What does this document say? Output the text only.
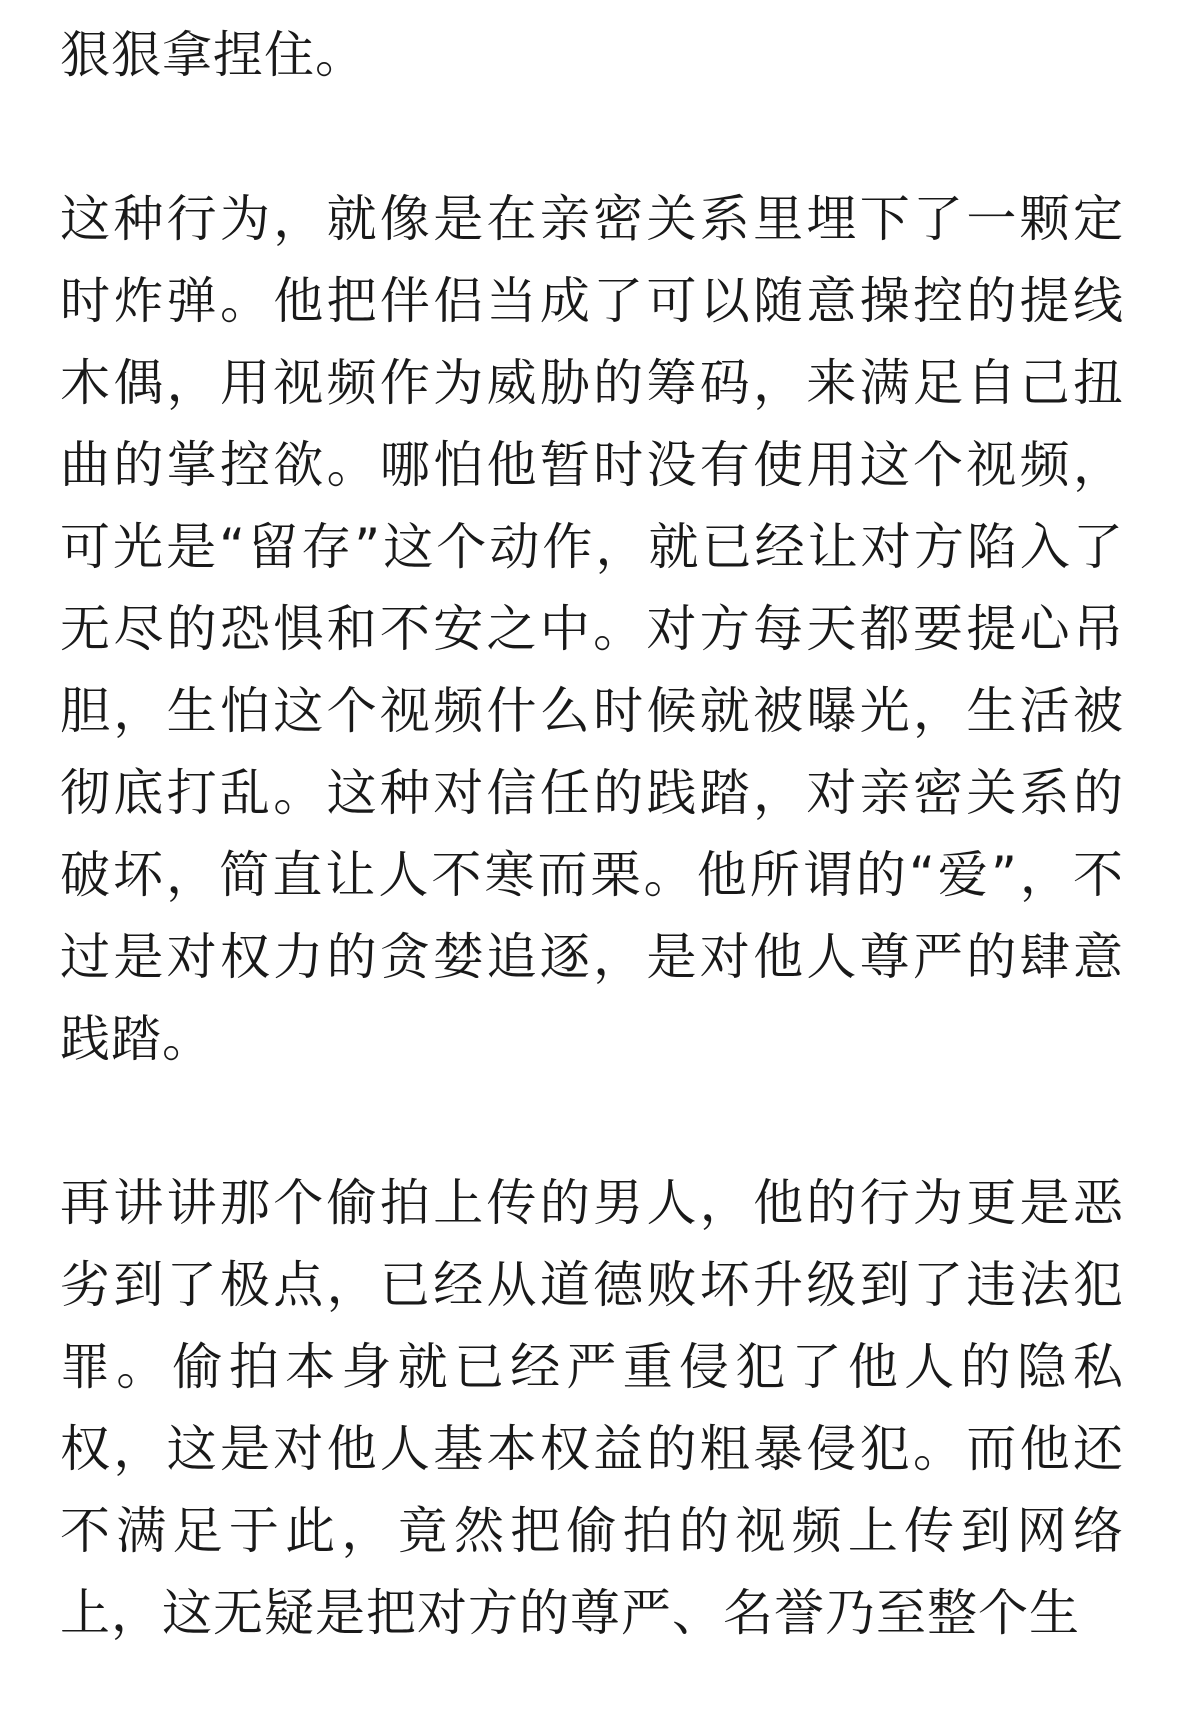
狠狠拿捏住。

这种行为，就像是在亲密关系里埋下了一颗定时炸弹。他把伴侣当成了可以随意操控的提线木偶，用视频作为威胁的筹码，来满足自己扭曲的掌控欲。哪怕他暂时没有使用这个视频，可光是“留存”这个动作，就已经让对方陷入了无尽的恐惧和不安之中。对方每天都要提心吊胆，生怕这个视频什么时候就被曝光，生活被彻底打乱。这种对信任的践踏，对亲密关系的破坏，简直让人不寒而栗。他所谓的“爱”，不过是对权力的贪婪追逐，是对他人尊严的肆意践踏。

再讲讲那个偷拍上传的男人，他的行为更是恶劣到了极点，已经从道德败坏升级到了违法犯罪。偷拍本身就已经严重侵犯了他人的隐私权，这是对他人基本权益的粗暴侵犯。而他还不满足于此，竟然把偷拍的视频上传到网络上，这无疑是把对方的尊严、名誉乃至整个生
